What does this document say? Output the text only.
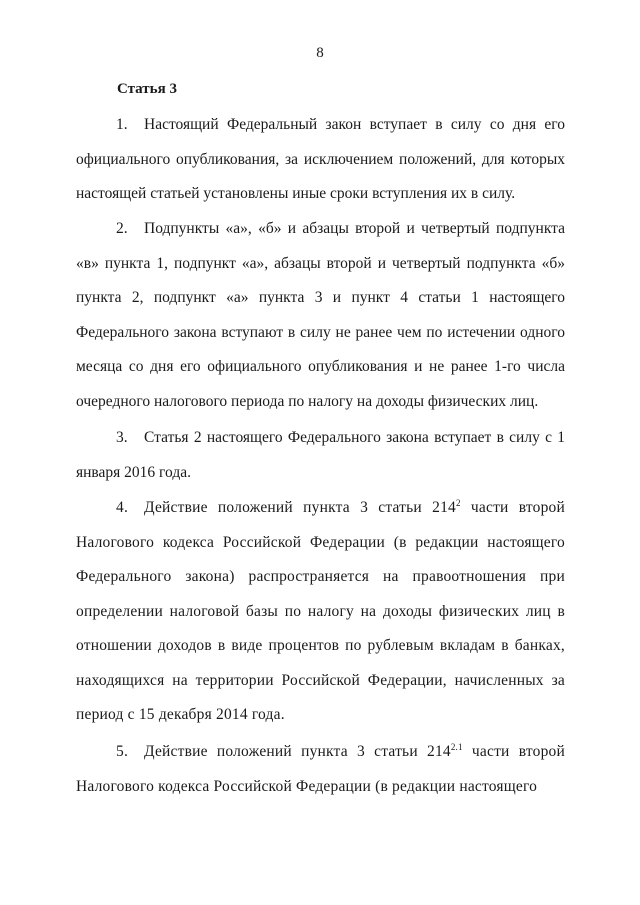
8
Статья 3

1. Настоящий Федеральный закон вступает в силу со дня его официального опубликования, за исключением положений, для которых настоящей статьей установлены иные сроки вступления их в силу.

2. Подпункты «а», «б» и абзацы второй и четвертый подпункта «в» пункта 1, подпункт «а», абзацы второй и четвертый подпункта «б» пункта 2, подпункт «а» пункта 3 и пункт 4 статьи 1 настоящего Федерального закона вступают в силу не ранее чем по истечении одного месяца со дня его официального опубликования и не ранее 1-го числа очередного налогового периода по налогу на доходы физических лиц.

3. Статья 2 настоящего Федерального закона вступает в силу с 1 января 2016 года.

4. Действие положений пункта 3 статьи $214^2$ части второй Налогового кодекса Российской Федерации (в редакции настоящего Федерального закона) распространяется на правоотношения при определении налоговой базы по налогу на доходы физических лиц в отношении доходов в виде процентов по рублевым вкладам в банках, находящихся на территории Российской Федерации, начисленных за период с 15 декабря 2014 года.

5. Действие положений пункта 3 статьи $214^{2.1}$ части второй Налогового кодекса Российской Федерации (в редакции настоящего
